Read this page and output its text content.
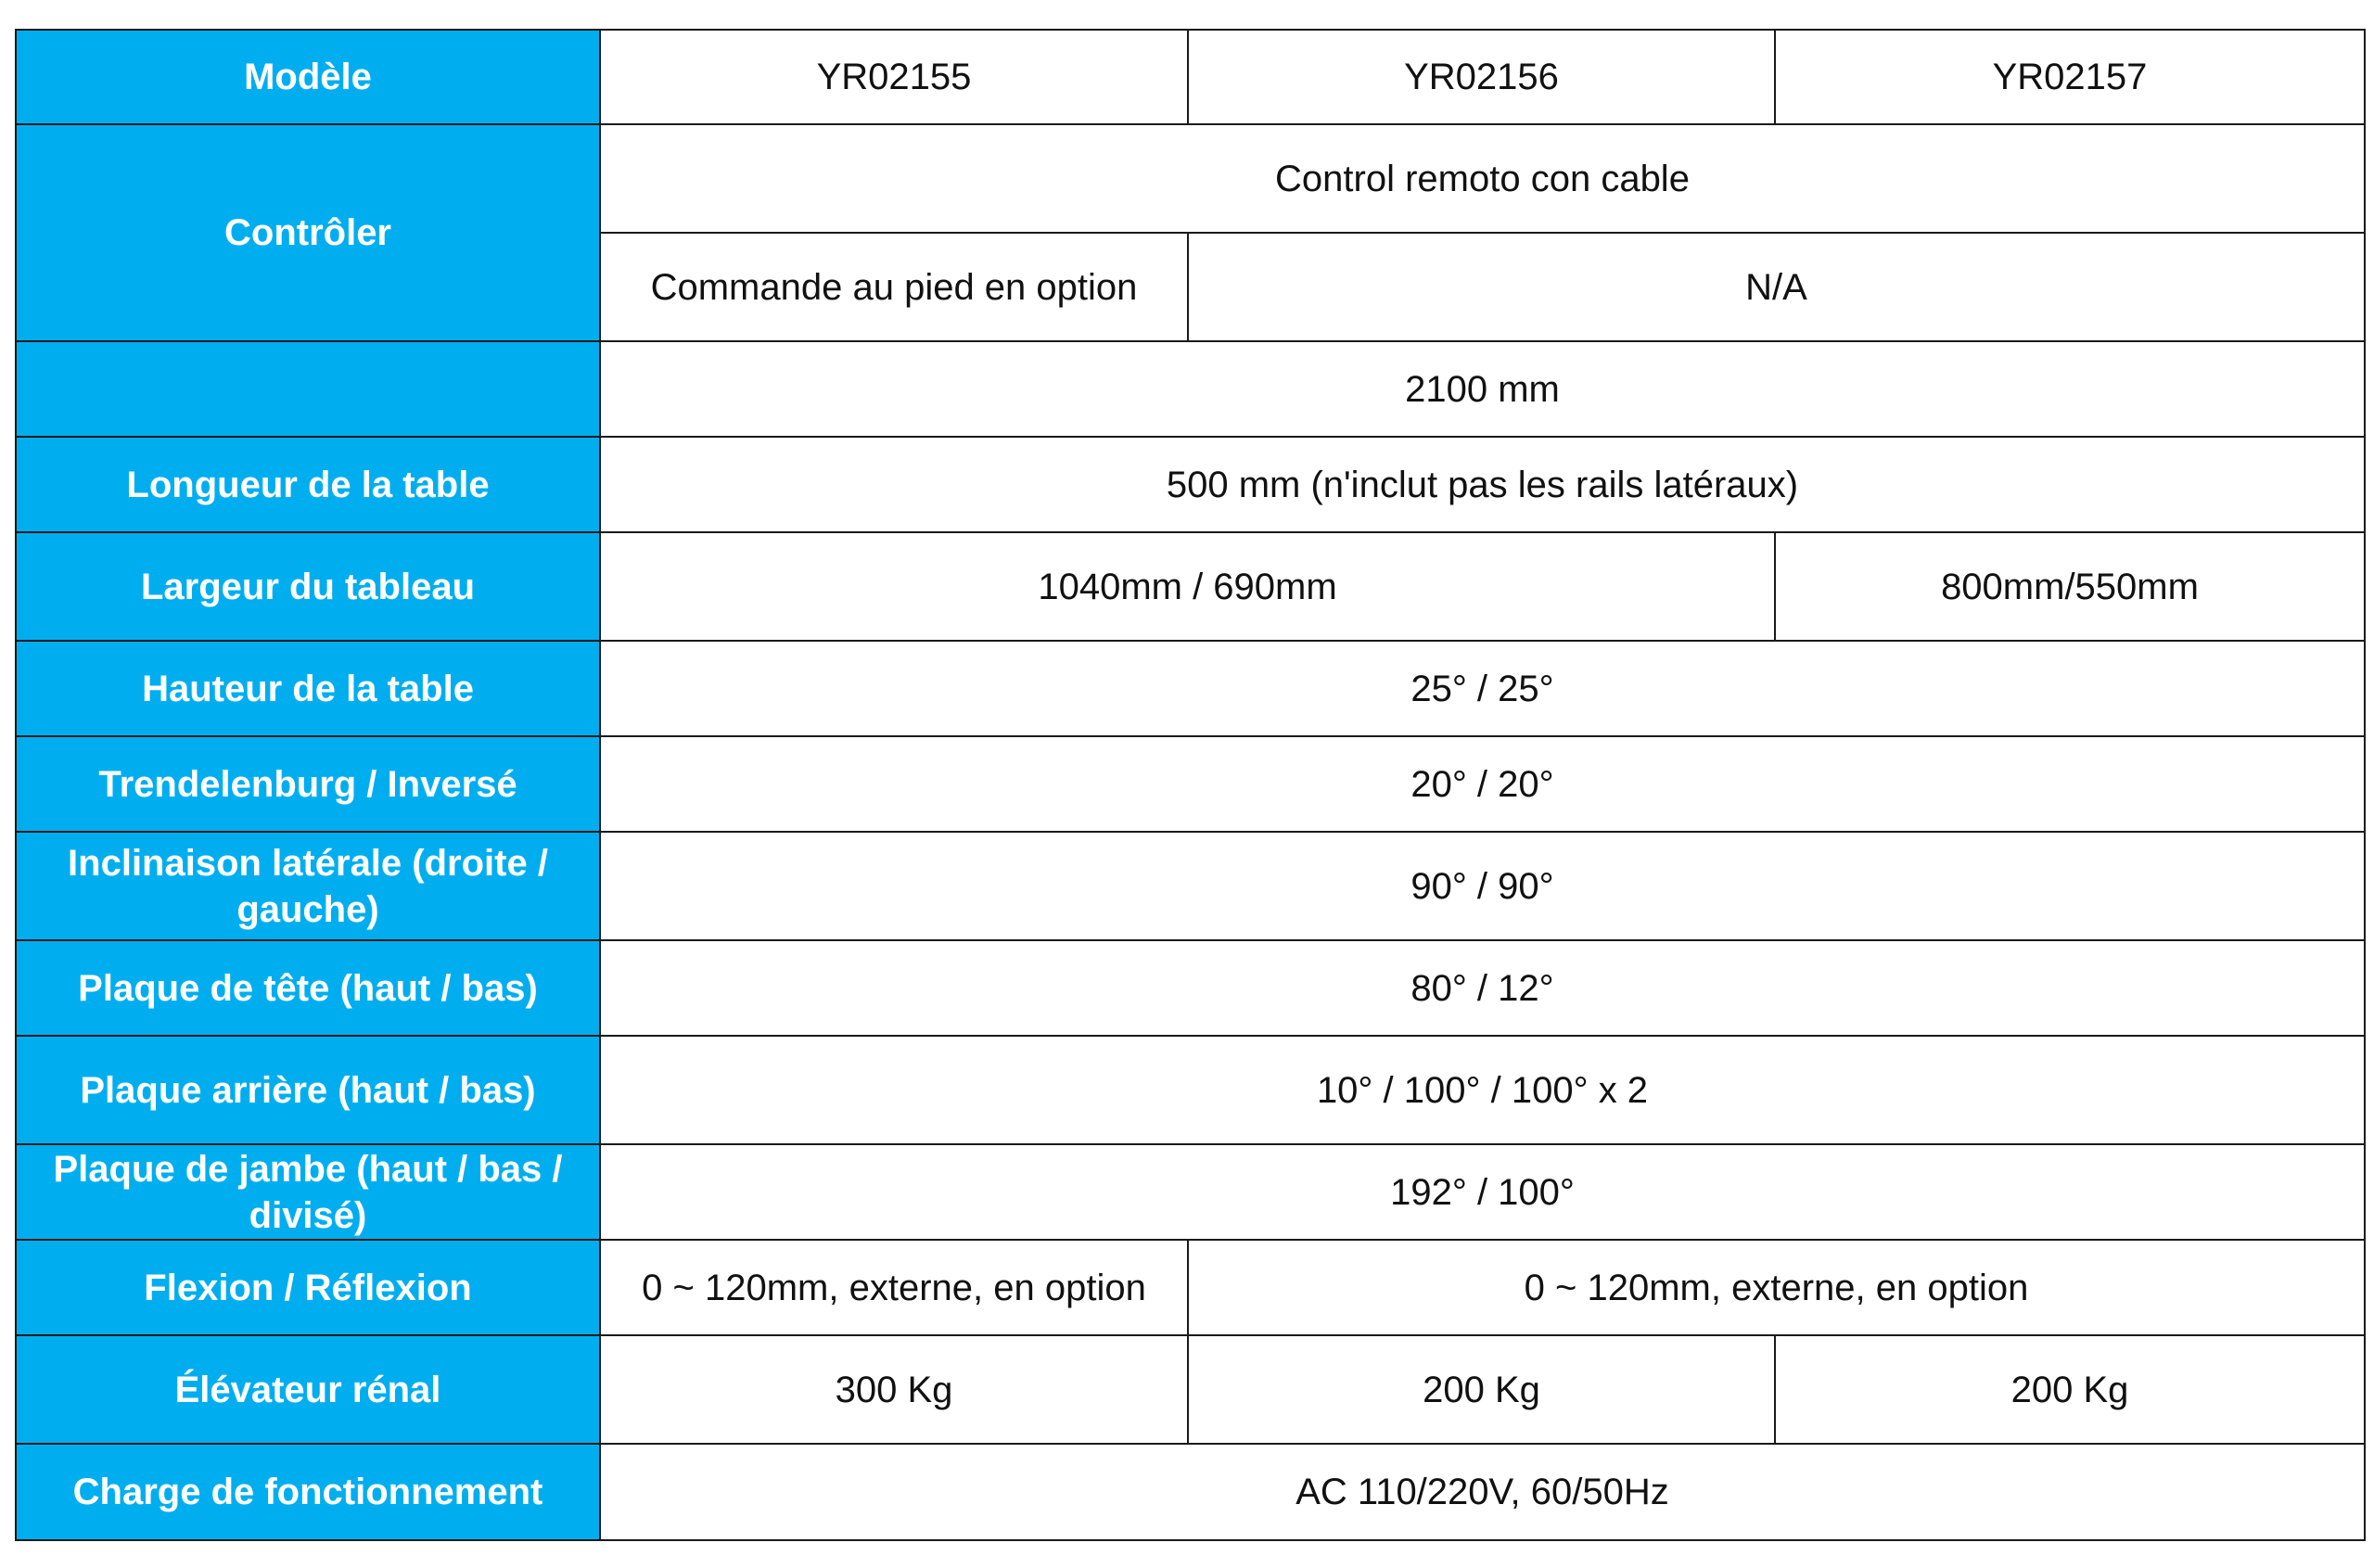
Modèle	YR02155	YR02156	YR02157
Contrôler	Control remoto con cable		
	Commande au pied en option	N/A	
	2100 mm		
Longueur de la table	500 mm (n'inclut pas les rails latéraux)		
Largeur du tableau	1040mm / 690mm		800mm/550mm
Hauteur de la table	25° / 25°		
Trendelenburg / Inversé	20° / 20°		
Inclinaison latérale (droite / gauche)	90° / 90°		
Plaque de tête (haut / bas)	80° / 12°		
Plaque arrière (haut / bas)	10° / 100° / 100° x 2		
Plaque de jambe (haut / bas / divisé)	192° / 100°		
Flexion / Réflexion	0 ~ 120mm, externe, en option	0 ~ 120mm, externe, en option	
Élévateur rénal	300 Kg	200 Kg	200 Kg
Charge de fonctionnement	AC 110/220V, 60/50Hz		
